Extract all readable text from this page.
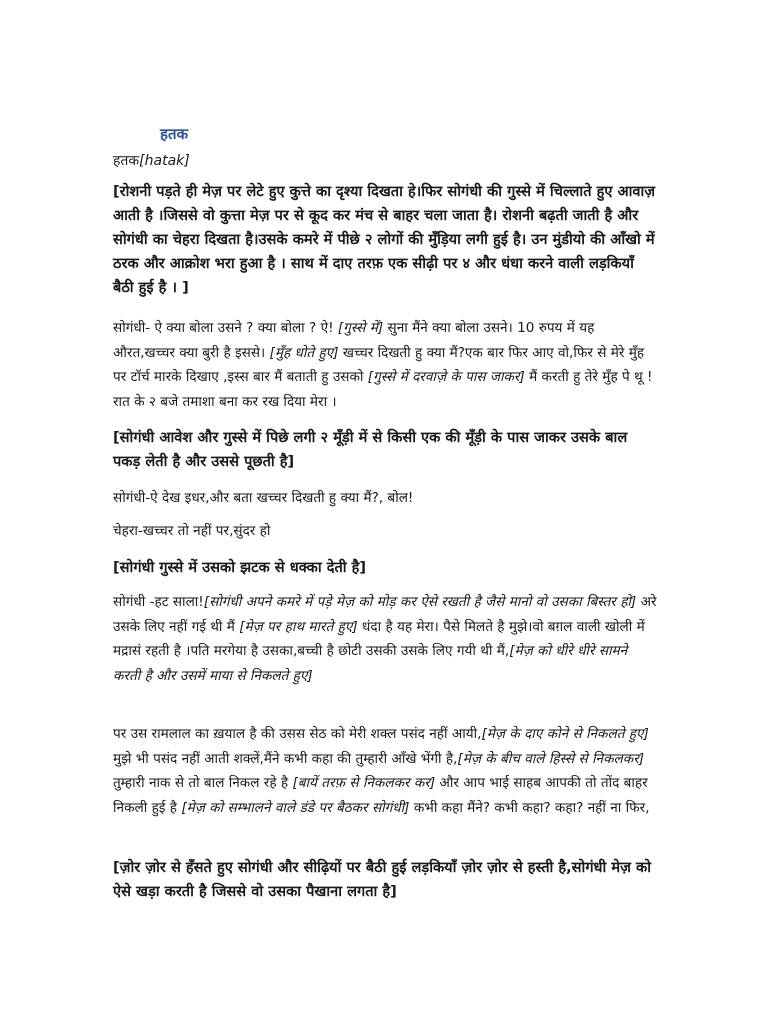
हतक
हतक[hatak]
[रोशनी पड़ते ही मेज़ पर लेटे हुए कुत्ते का दृश्या दिखता हे।फिर सोगंधी की गुस्से में चिल्लाते हुए आवाज़ आती है ।जिससे वो कुत्ता मेज़ पर से कूद कर मंच से बाहर चला जाता है। रोशनी बढ़ती जाती है और सोगंधी का चेहरा दिखता है।उसके कमरे में पीछे २ लोगों की मुँड़िया लगी हुई है। उन मुंडीयो की आँखो में ठरक और आक्रोश भरा हुआ है । साथ में दाए तरफ़ एक सीढ़ी पर ४ और धंधा करने वाली लड़कियाँ बैठी हुई है । ]
सोगंधी- ऐ क्या बोला उसने ? क्या बोला ? ऐ! [गुस्से में] सुना मैंने क्या बोला उसने। 10 रुपय में यह औरत,खच्चर क्या बुरी है इससे। [मुँह धोते हुए] खच्चर दिखती हु क्या मैं?एक बार फिर आए वो,फिर से मेरे मुँह पर टॉर्च मारके दिखाए ,इस्स बार मैं बताती हु उसको [गुस्से में दरवाज़े के पास जाकर] मैं करती हु तेरे मुँह पे थू ! रात के २ बजे तमाशा बना कर रख दिया मेरा ।
[सोगंधी आवेश और गुस्से में पिछे लगी २ मूँड़ी में से किसी एक की मूँड़ी के पास जाकर उसके बाल पकड़ लेती है और उससे पूछती है]
सोगंधी-ऐ देख इधर,और बता खच्चर दिखती हु क्या मैं?, बोल!
चेहरा-खच्चर तो नहीं पर,सुंदर हो
[सोगंधी गुस्से में उसको झटक से धक्का देती है]
सोगंधी -हट साला![सोगंधी अपने कमरे में पड़े मेज़ को मोड़ कर ऐसे रखती है जैसे मानो वो उसका बिस्तर हो] अरे उसके लिए नहीं गई थी मैं [मेज़ पर हाथ मारते हुए] धंदा है यह मेरा। पैसे मिलते है मुझे।वो बग़ल वाली खोली में मद्रासं रहती है ।पति मरगेया है उसका,बच्ची है छोटी उसकी उसके लिए गयी थी मैं,[मेज़ को धीरे धीरे सामने करती है और उसमें माया से निकलते हुए]
पर उस रामलाल का ख़याल है की उसस सेठ को मेरी शक्ल पसंद नहीं आयी,[मेज़ के दाए कोने से निकलते हुए] मुझे भी पसंद नहीं आती शक्लें,मैंने कभी कहा की तुम्हारी आँखे भेंगी है,[मेज़ के बीच वाले हिस्से से निकलकर] तुम्हारी नाक से तो बाल निकल रहे है [बायें तरफ़ से निकलकर कर] और आप भाई साहब आपकी तो तोंद बाहर निकली हुई है [मेज़ को सम्भालने वाले डंडे पर बैठकर सोगंधी] कभी कहा मैंने? कभी कहा? कहा? नहीं ना फिर,
[ज़ोर ज़ोर से हँसते हुए सोगंधी और सीढ़ियों पर बैठी हुई लड़कियाँ ज़ोर ज़ोर से हस्ती है,सोगंधी मेज़ को ऐसे खड़ा करती है जिससे वो उसका पैखाना लगता है]
